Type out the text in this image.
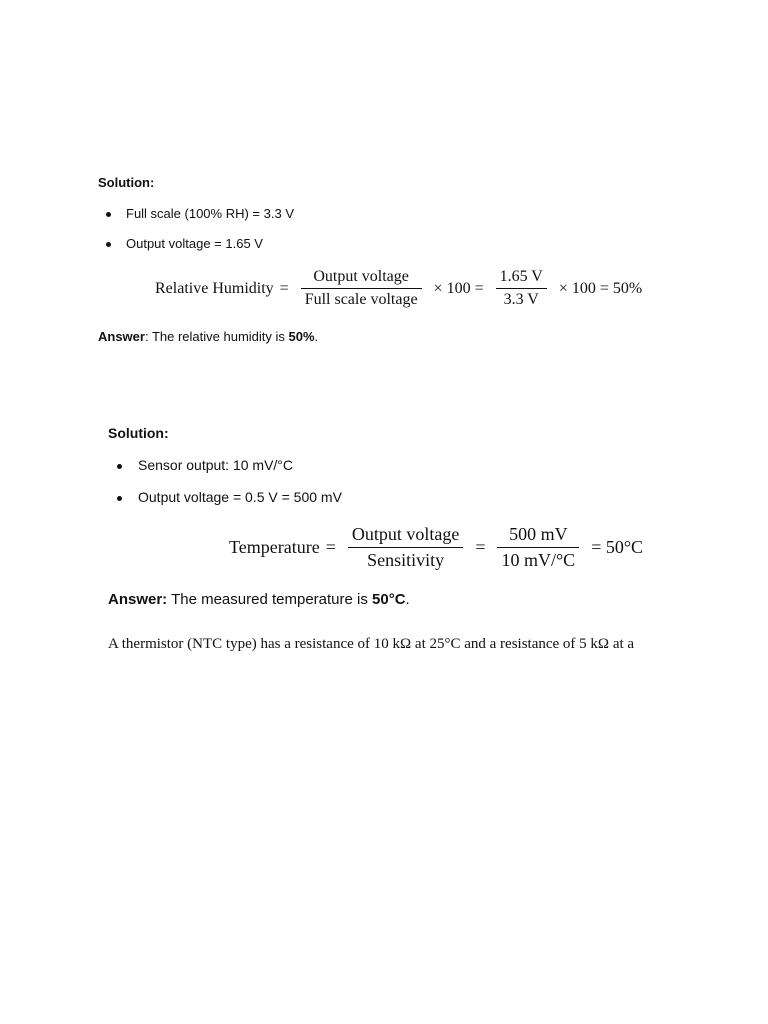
Solution:
Full scale (100% RH) = 3.3 V
Output voltage = 1.65 V
Relative Humidity = $\frac{\text{Output voltage}}{\text{Full scale voltage}} \times 100 = \frac{1.65 V}{3.3 V} \times 100 = 50\%$
Answer: The relative humidity is 50%.
Solution:
Sensor output: 10 mV/°C
Output voltage = 0.5 V = 500 mV
Temperature = $\frac{\text{Output voltage}}{\text{Sensitivity}} = \frac{500 mV}{10 mV/^\circ C} = 50^\circ C$
Answer: The measured temperature is 50°C.
A thermistor (NTC type) has a resistance of 10 kΩ at 25°C and a resistance of 5 kΩ at a
